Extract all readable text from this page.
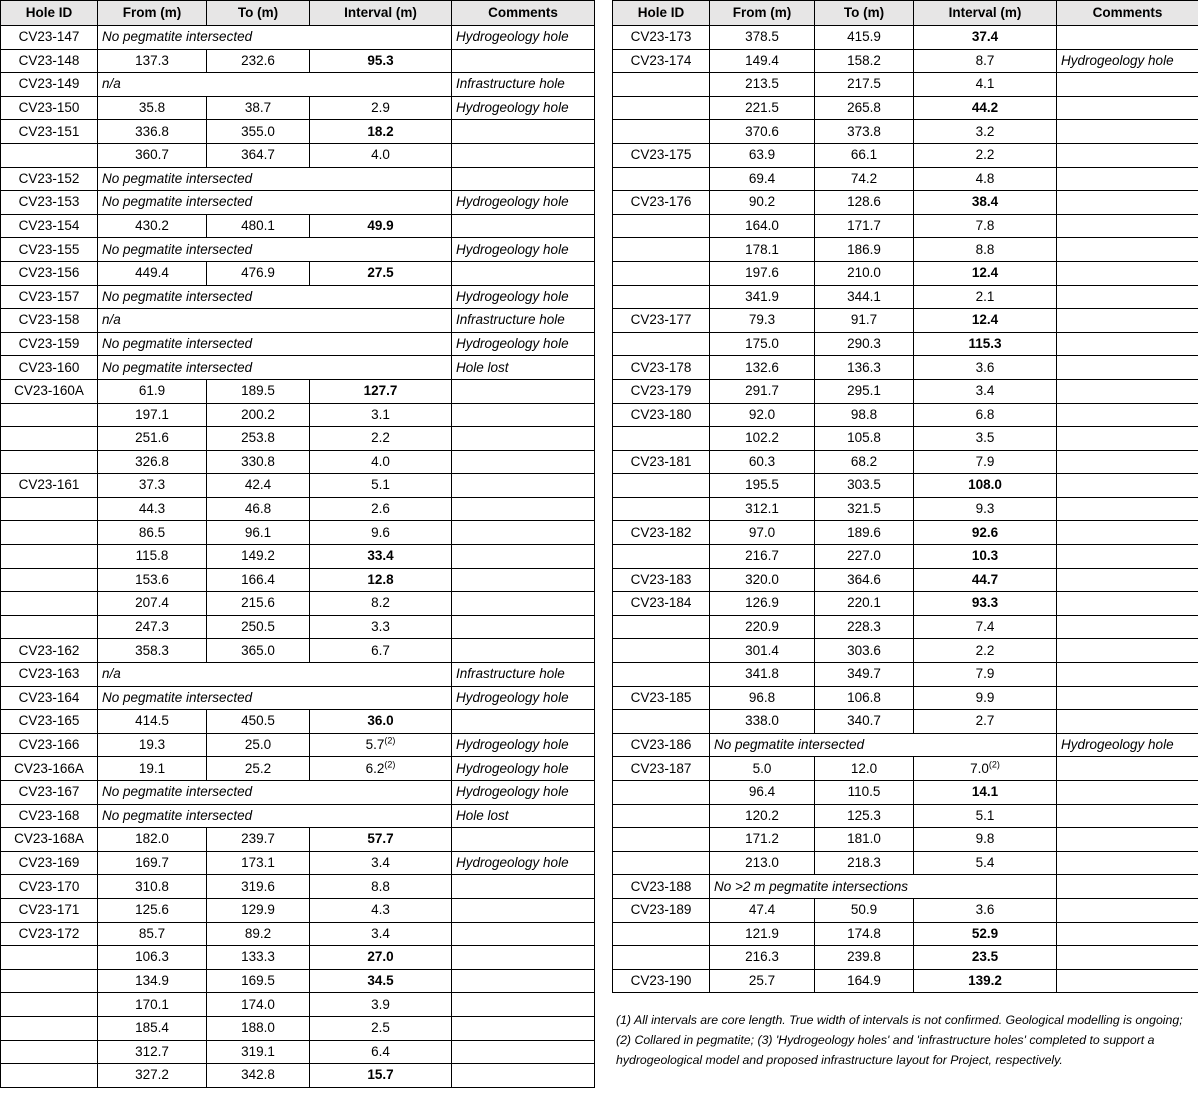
Hole ID	From (m)	To (m)	Interval (m)	Comments
CV23-147	No pegmatite intersected			Hydrogeology hole
CV23-148	137.3	232.6	95.3	
CV23-149	n/a			Infrastructure hole
CV23-150	35.8	38.7	2.9	Hydrogeology hole
CV23-151	336.8	355.0	18.2	
	360.7	364.7	4.0	
CV23-152	No pegmatite intersected			
CV23-153	No pegmatite intersected			Hydrogeology hole
CV23-154	430.2	480.1	49.9	
CV23-155	No pegmatite intersected			Hydrogeology hole
CV23-156	449.4	476.9	27.5	
CV23-157	No pegmatite intersected			Hydrogeology hole
CV23-158	n/a			Infrastructure hole
CV23-159	No pegmatite intersected			Hydrogeology hole
CV23-160	No pegmatite intersected			Hole lost
CV23-160A	61.9	189.5	127.7	
	197.1	200.2	3.1	
	251.6	253.8	2.2	
	326.8	330.8	4.0	
CV23-161	37.3	42.4	5.1	
	44.3	46.8	2.6	
	86.5	96.1	9.6	
	115.8	149.2	33.4	
	153.6	166.4	12.8	
	207.4	215.6	8.2	
	247.3	250.5	3.3	
CV23-162	358.3	365.0	6.7	
CV23-163	n/a			Infrastructure hole
CV23-164	No pegmatite intersected			Hydrogeology hole
CV23-165	414.5	450.5	36.0	
CV23-166	19.3	25.0	5.7$^{(2)}$	Hydrogeology hole
CV23-166A	19.1	25.2	6.2$^{(2)}$	Hydrogeology hole
CV23-167	No pegmatite intersected			Hydrogeology hole
CV23-168	No pegmatite intersected			Hole lost
CV23-168A	182.0	239.7	57.7	
CV23-169	169.7	173.1	3.4	Hydrogeology hole
CV23-170	310.8	319.6	8.8	
CV23-171	125.6	129.9	4.3	
CV23-172	85.7	89.2	3.4	
	106.3	133.3	27.0	
	134.9	169.5	34.5	
	170.1	174.0	3.9	
	185.4	188.0	2.5	
	312.7	319.1	6.4	
	327.2	342.8	15.7	
Hole ID	From (m)	To (m)	Interval (m)	Comments
CV23-173	378.5	415.9	37.4	
CV23-174	149.4	158.2	8.7	Hydrogeology hole
	213.5	217.5	4.1	
	221.5	265.8	44.2	
	370.6	373.8	3.2	
CV23-175	63.9	66.1	2.2	
	69.4	74.2	4.8	
CV23-176	90.2	128.6	38.4	
	164.0	171.7	7.8	
	178.1	186.9	8.8	
	197.6	210.0	12.4	
	341.9	344.1	2.1	
CV23-177	79.3	91.7	12.4	
	175.0	290.3	115.3	
CV23-178	132.6	136.3	3.6	
CV23-179	291.7	295.1	3.4	
CV23-180	92.0	98.8	6.8	
	102.2	105.8	3.5	
CV23-181	60.3	68.2	7.9	
	195.5	303.5	108.0	
	312.1	321.5	9.3	
CV23-182	97.0	189.6	92.6	
	216.7	227.0	10.3	
CV23-183	320.0	364.6	44.7	
CV23-184	126.9	220.1	93.3	
	220.9	228.3	7.4	
	301.4	303.6	2.2	
	341.8	349.7	7.9	
CV23-185	96.8	106.8	9.9	
	338.0	340.7	2.7	
CV23-186	No pegmatite intersected			Hydrogeology hole
CV23-187	5.0	12.0	7.0$^{(2)}$	
	96.4	110.5	14.1	
	120.2	125.3	5.1	
	171.2	181.0	9.8	
	213.0	218.3	5.4	
CV23-188	No >2 m pegmatite intersections			
CV23-189	47.4	50.9	3.6	
	121.9	174.8	52.9	
	216.3	239.8	23.5	
CV23-190	25.7	164.9	139.2	
(1) All intervals are core length. True width of intervals is not confirmed. Geological modelling is ongoing; (2) Collared in pegmatite; (3) 'Hydrogeology holes' and 'infrastructure holes' completed to support a hydrogeological model and proposed infrastructure layout for Project, respectively.
